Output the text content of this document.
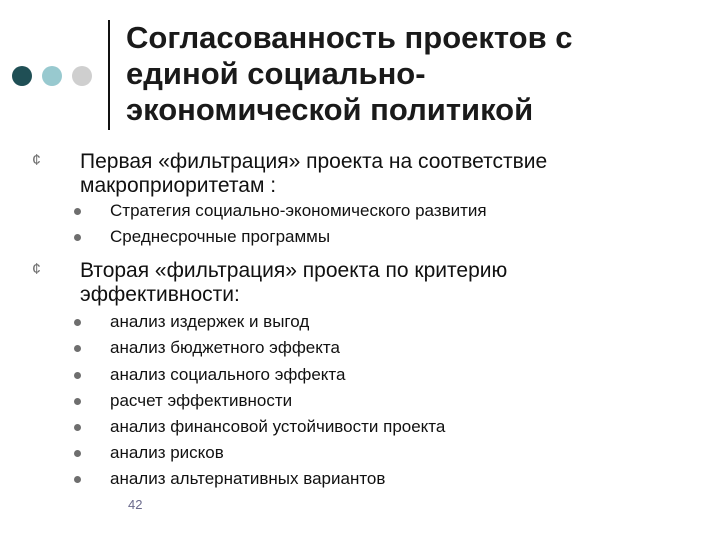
Согласованность проектов с
единой социально-
экономической политикой
¢ Первая «фильтрация» проекта на соответствие
макроприоритетам :
Стратегия социально-экономического развития
Среднесрочные программы
¢ Вторая «фильтрация» проекта по критерию
эффективности:
анализ издержек и выгод
анализ бюджетного эффекта
анализ социального эффекта
расчет эффективности
анализ финансовой устойчивости проекта
анализ рисков
анализ альтернативных вариантов
42
